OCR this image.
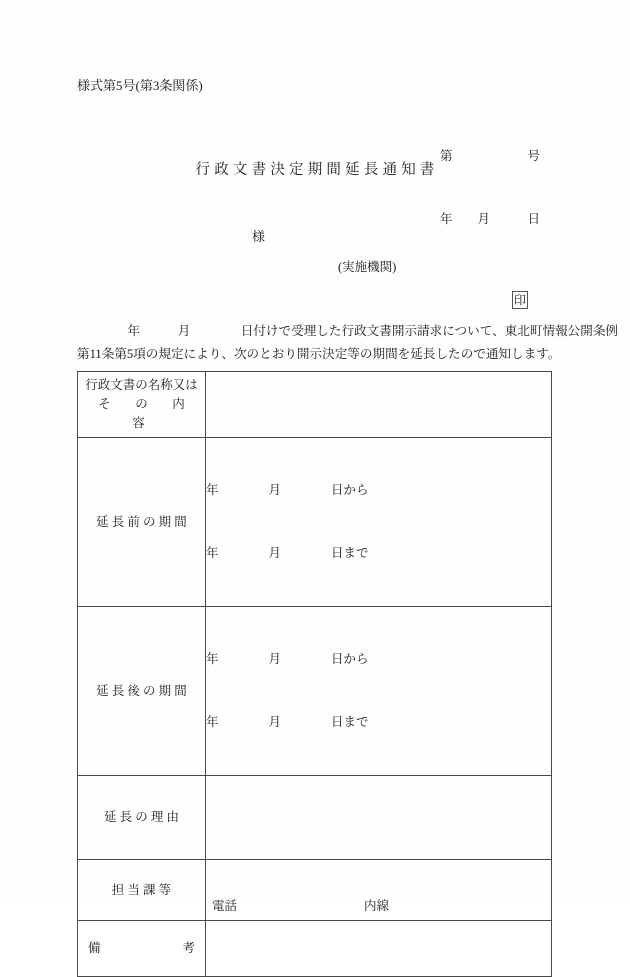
様式第5号(第3条関係)

第　　　　　　号

年　　月　　　日

行政文書決定期間延長通知書
様
(実施機関)
印
　　　　年　　　月　　　　日付けで受理した行政文書開示請求について、東北町情報公開条例
第11条第5項の規定により、次のとおり開示決定等の期間を延長したので通知します。
行政文書の名称又は
そ　の　内　容	

延 長 前 の 期 間	年　　　　月　　　　日から

年　　　　月　　　　日まで

延 長 後 の 期 間	年　　　　月　　　　日から

年　　　　月　　　　日まで

延 長 の 理 由	

担 当 課 等	電話

内線

備 考	
